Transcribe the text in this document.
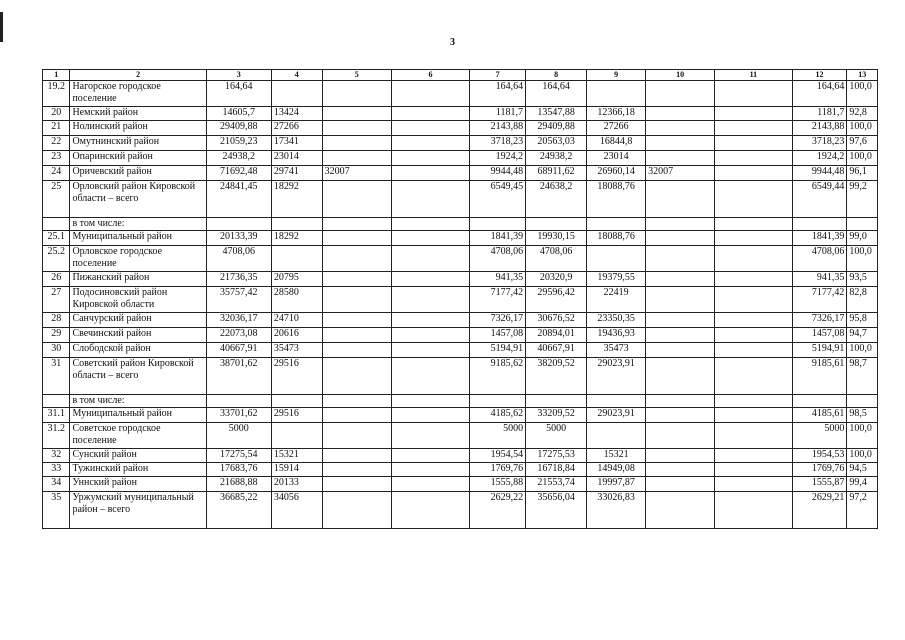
3
1	2	3	4	5	6	7	8	9	10	11	12	13
19.2	Нагорское городское поселение	164,64				164,64	164,64				164,64	100,0
20	Немский район	14605,7	13424			1181,7	13547,88	12366,18			1181,7	92,8
21	Нолинский район	29409,88	27266			2143,88	29409,88	27266			2143,88	100,0
22	Омутнинский район	21059,23	17341			3718,23	20563,03	16844,8			3718,23	97,6
23	Опаринский район	24938,2	23014			1924,2	24938,2	23014			1924,2	100,0
24	Оричевский район	71692,48	29741	32007		9944,48	68911,62	26960,14	32007		9944,48	96,1
25	Орловский район Кировской области – всего	24841,45	18292			6549,45	24638,2	18088,76			6549,44	99,2
	в том числе:											
25.1	Муниципальный район	20133,39	18292			1841,39	19930,15	18088,76			1841,39	99,0
25.2	Орловское городское поселение	4708,06				4708,06	4708,06				4708,06	100,0
26	Пижанский район	21736,35	20795			941,35	20320,9	19379,55			941,35	93,5
27	Подосиновский район Кировской области	35757,42	28580			7177,42	29596,42	22419			7177,42	82,8
28	Санчурский район	32036,17	24710			7326,17	30676,52	23350,35			7326,17	95,8
29	Свечинский район	22073,08	20616			1457,08	20894,01	19436,93			1457,08	94,7
30	Слободской район	40667,91	35473			5194,91	40667,91	35473			5194,91	100,0
31	Советский район Кировской области – всего	38701,62	29516			9185,62	38209,52	29023,91			9185,61	98,7
	в том числе:											
31.1	Муниципальный район	33701,62	29516			4185,62	33209,52	29023,91			4185,61	98,5
31.2	Советское городское поселение	5000				5000	5000				5000	100,0
32	Сунский район	17275,54	15321			1954,54	17275,53	15321			1954,53	100,0
33	Тужинский район	17683,76	15914			1769,76	16718,84	14949,08			1769,76	94,5
34	Уннский район	21688,88	20133			1555,88	21553,74	19997,87			1555,87	99,4
35	Уржумский муниципальный район – всего	36685,22	34056			2629,22	35656,04	33026,83			2629,21	97,2
